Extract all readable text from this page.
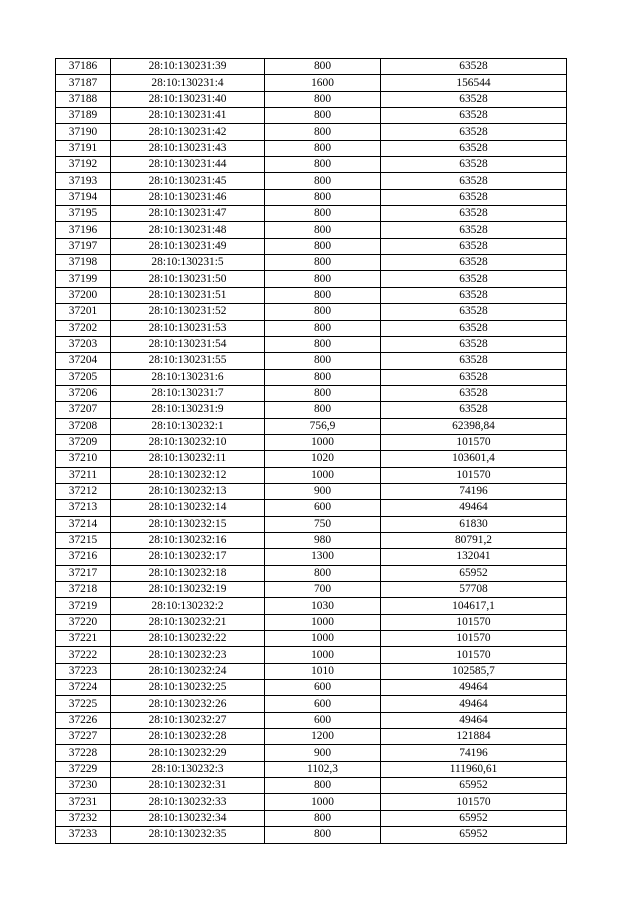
37186	28:10:130231:39	800	63528
37187	28:10:130231:4	1600	156544
37188	28:10:130231:40	800	63528
37189	28:10:130231:41	800	63528
37190	28:10:130231:42	800	63528
37191	28:10:130231:43	800	63528
37192	28:10:130231:44	800	63528
37193	28:10:130231:45	800	63528
37194	28:10:130231:46	800	63528
37195	28:10:130231:47	800	63528
37196	28:10:130231:48	800	63528
37197	28:10:130231:49	800	63528
37198	28:10:130231:5	800	63528
37199	28:10:130231:50	800	63528
37200	28:10:130231:51	800	63528
37201	28:10:130231:52	800	63528
37202	28:10:130231:53	800	63528
37203	28:10:130231:54	800	63528
37204	28:10:130231:55	800	63528
37205	28:10:130231:6	800	63528
37206	28:10:130231:7	800	63528
37207	28:10:130231:9	800	63528
37208	28:10:130232:1	756,9	62398,84
37209	28:10:130232:10	1000	101570
37210	28:10:130232:11	1020	103601,4
37211	28:10:130232:12	1000	101570
37212	28:10:130232:13	900	74196
37213	28:10:130232:14	600	49464
37214	28:10:130232:15	750	61830
37215	28:10:130232:16	980	80791,2
37216	28:10:130232:17	1300	132041
37217	28:10:130232:18	800	65952
37218	28:10:130232:19	700	57708
37219	28:10:130232:2	1030	104617,1
37220	28:10:130232:21	1000	101570
37221	28:10:130232:22	1000	101570
37222	28:10:130232:23	1000	101570
37223	28:10:130232:24	1010	102585,7
37224	28:10:130232:25	600	49464
37225	28:10:130232:26	600	49464
37226	28:10:130232:27	600	49464
37227	28:10:130232:28	1200	121884
37228	28:10:130232:29	900	74196
37229	28:10:130232:3	1102,3	111960,61
37230	28:10:130232:31	800	65952
37231	28:10:130232:33	1000	101570
37232	28:10:130232:34	800	65952
37233	28:10:130232:35	800	65952
